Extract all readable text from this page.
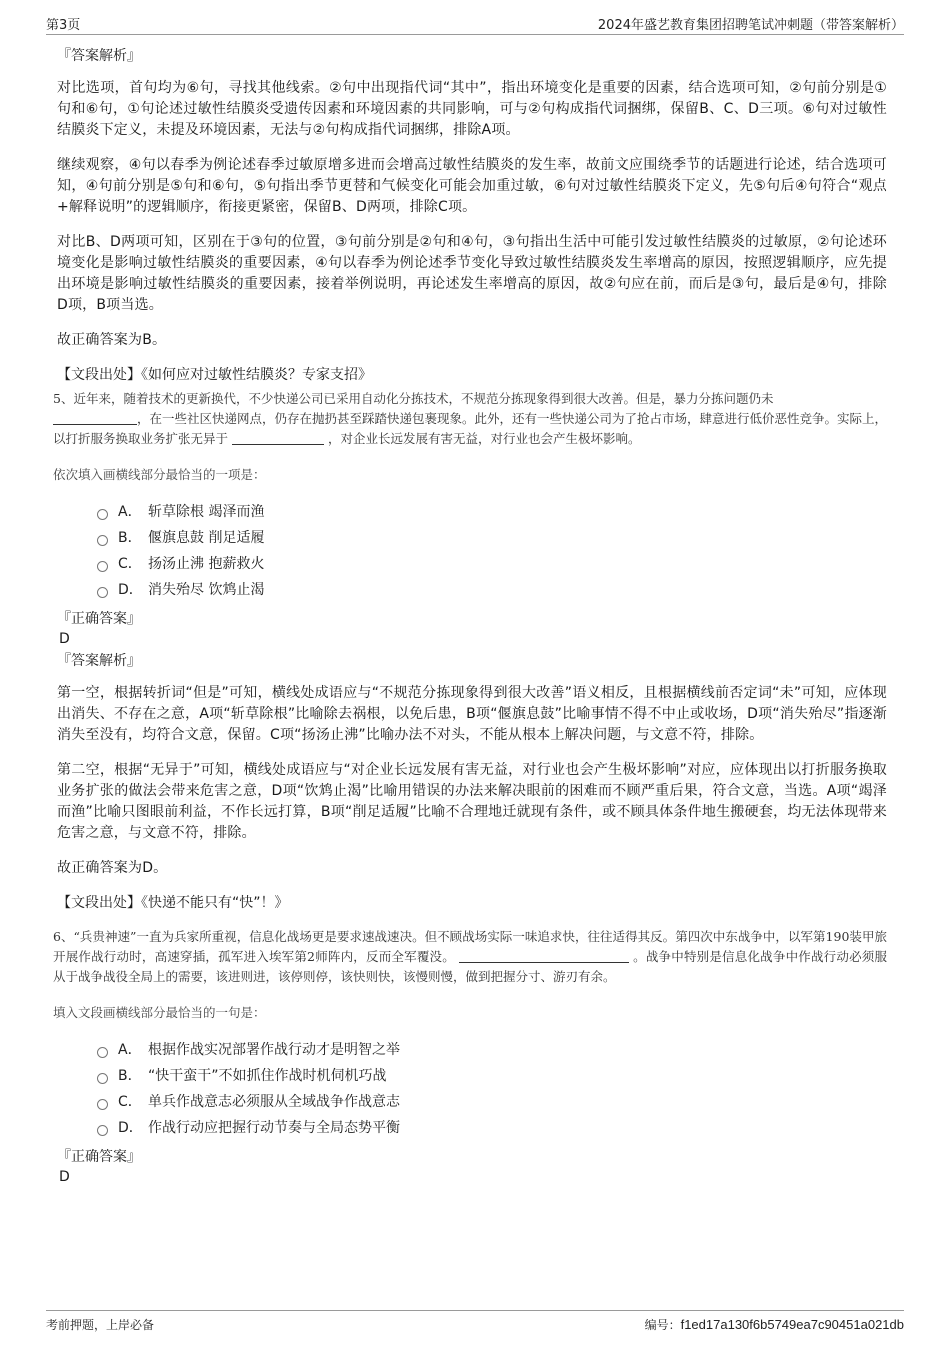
第3页	2024年盛艺教育集团招聘笔试冲刺题（带答案解析）

『答案解析』

对比选项，首句均为⑥句，寻找其他线索。②句中出现指代词“其中”，指出环境变化是重要的因素，结合选项可知，②句前分别是①句和⑥句，①句论述过敏性结膜炎受遗传因素和环境因素的共同影响，可与②句构成指代词捆绑，保留B、C、D三项。⑥句对过敏性结膜炎下定义，未提及环境因素，无法与②句构成指代词捆绑，排除A项。

继续观察，④句以春季为例论述春季过敏原增多进而会增高过敏性结膜炎的发生率，故前文应围绕季节的话题进行论述，结合选项可知，④句前分别是⑤句和⑥句，⑤句指出季节更替和气候变化可能会加重过敏，⑥句对过敏性结膜炎下定义，先⑤句后④句符合“观点+解释说明”的逻辑顺序，衔接更紧密，保留B、D两项，排除C项。

对比B、D两项可知，区别在于③句的位置，③句前分别是②句和④句，③句指出生活中可能引发过敏性结膜炎的过敏原，②句论述环境变化是影响过敏性结膜炎的重要因素，④句以春季为例论述季节变化导致过敏性结膜炎发生率增高的原因，按照逻辑顺序，应先提出环境是影响过敏性结膜炎的重要因素，接着举例说明，再论述发生率增高的原因，故②句应在前，而后是③句，最后是④句，排除D项，B项当选。

故正确答案为B。

【文段出处】《如何应对过敏性结膜炎？专家支招》

5、近年来，随着技术的更新换代，不少快递公司已采用自动化分拣技术，不规范分拣现象得到很大改善。但是，暴力分拣问题仍未
，在一些社区快递网点，仍存在抛扔甚至踩踏快递包裹现象。此外，还有一些快递公司为了抢占市场，肆意进行低价恶性竞争。实际上，以打折服务换取业务扩张无异于	，对企业长远发展有害无益，对行业也会产生极坏影响。

依次填入画横线部分最恰当的一项是：

A． 斩草除根 竭泽而渔
B． 偃旗息鼓 削足适履
C． 扬汤止沸 抱薪救火
D． 消失殆尽 饮鸩止渴

『正确答案』

D

『答案解析』

第一空，根据转折词“但是”可知，横线处成语应与“不规范分拣现象得到很大改善”语义相反，且根据横线前否定词“未”可知，应体现出消失、不存在之意，A项“斩草除根”比喻除去祸根，以免后患，B项“偃旗息鼓”比喻事情不得不中止或收场，D项“消失殆尽”指逐渐消失至没有，均符合文意，保留。C项“扬汤止沸”比喻办法不对头，不能从根本上解决问题，与文意不符，排除。

第二空，根据“无异于”可知，横线处成语应与“对企业长远发展有害无益，对行业也会产生极坏影响”对应，应体现出以打折服务换取业务扩张的做法会带来危害之意，D项“饮鸩止渴”比喻用错误的办法来解决眼前的困难而不顾严重后果，符合文意，当选。A项“竭泽而渔”比喻只图眼前利益，不作长远打算，B项“削足适履”比喻不合理地迁就现有条件，或不顾具体条件地生搬硬套，均无法体现带来危害之意，与文意不符，排除。

故正确答案为D。

【文段出处】《快递不能只有“快”！》

6、“兵贵神速”一直为兵家所重视，信息化战场更是要求速战速决。但不顾战场实际一味追求快，往往适得其反。第四次中东战争中，以军第190装甲旅开展作战行动时，高速穿插，孤军进入埃军第2师阵内，反而全军覆没。	。战争中特别是信息化战争中作战行动必须服从于战争战役全局上的需要，该进则进，该停则停，该快则快，该慢则慢，做到把握分寸、游刃有余。

填入文段画横线部分最恰当的一句是：

A． 根据作战实况部署作战行动才是明智之举
B． “快干蛮干”不如抓住作战时机伺机巧战
C． 单兵作战意志必须服从全域战争作战意志
D． 作战行动应把握行动节奏与全局态势平衡

『正确答案』

D

考前押题，上岸必备	编号：f1ed17a130f6b5749ea7c90451a021db
